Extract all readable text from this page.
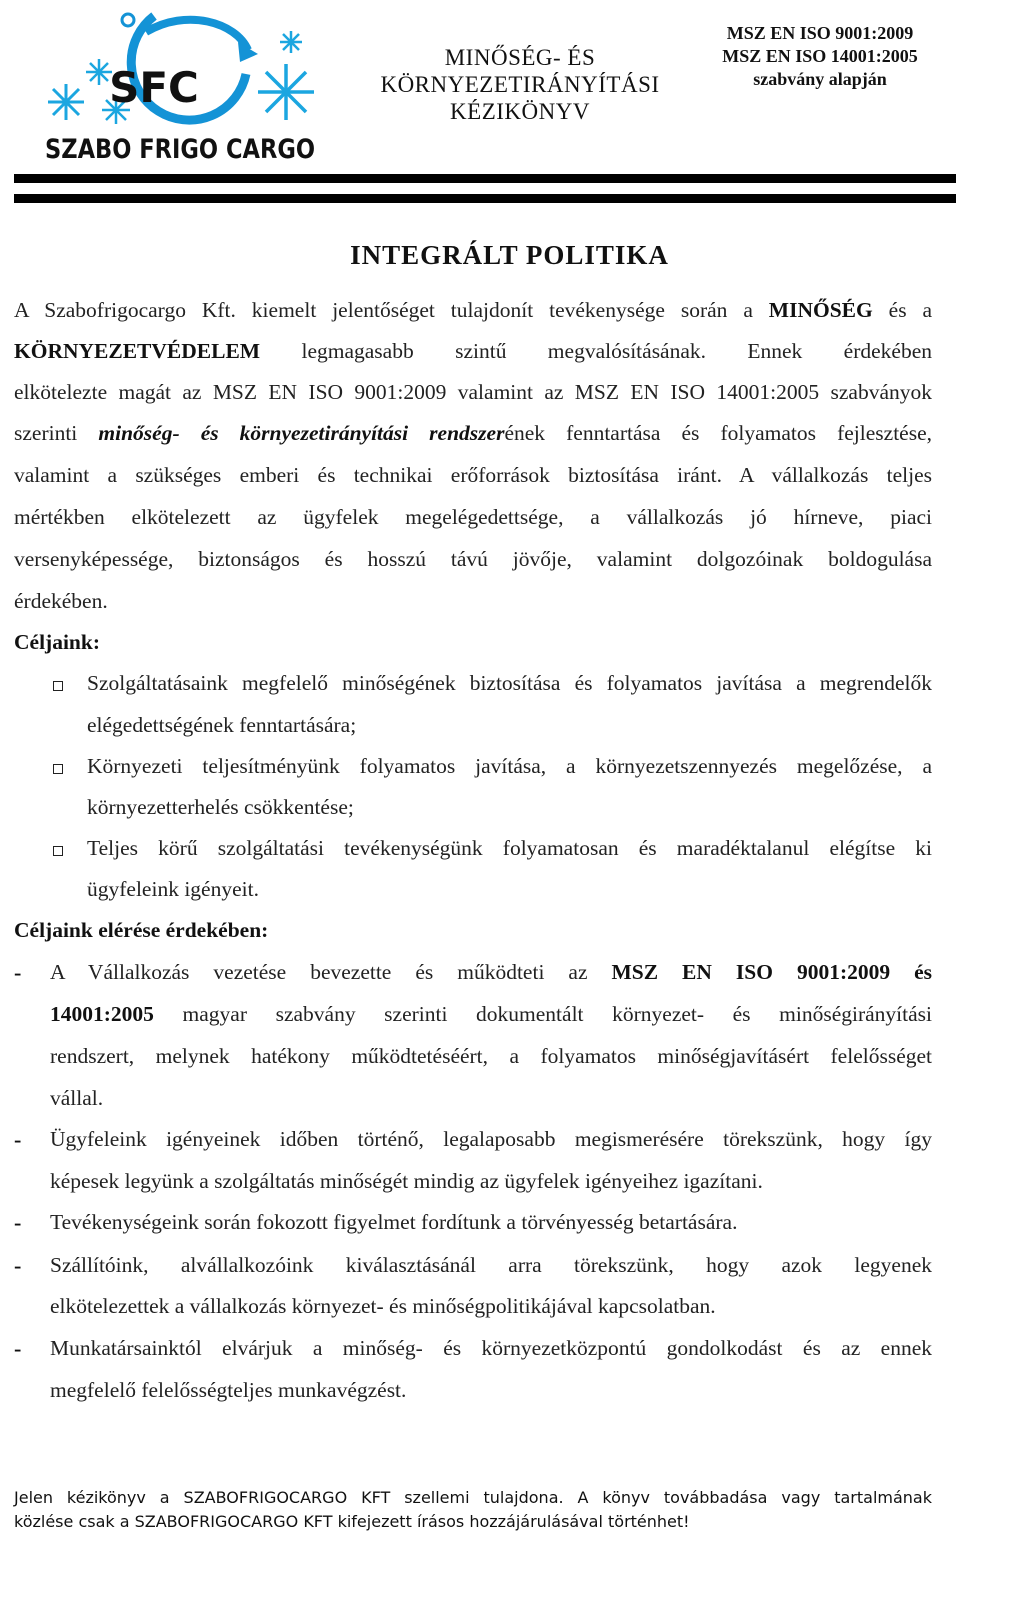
SFC
SZABO FRIGO CARGO
MINŐSÉG- ÉS
KÖRNYEZETIRÁNYÍTÁSI
KÉZIKÖNYV
MSZ EN ISO 9001:2009
MSZ EN ISO 14001:2005
szabvány alapján
INTEGRÁLT POLITIKA
A Szabofrigocargo Kft. kiemelt jelentőséget tulajdonít tevékenysége során a MINŐSÉG és a
KÖRNYEZETVÉDELEM legmagasabb szintű megvalósításának. Ennek érdekében
elkötelezte magát az MSZ EN ISO 9001:2009 valamint az MSZ EN ISO 14001:2005 szabványok
szerinti minőség- és környezetirányítási rendszerének fenntartása és folyamatos fejlesztése,
valamint a szükséges emberi és technikai erőforrások biztosítása iránt. A vállalkozás teljes
mértékben elkötelezett az ügyfelek megelégedettsége, a vállalkozás jó hírneve, piaci
versenyképessége, biztonságos és hosszú távú jövője, valamint dolgozóinak boldogulása
érdekében.
Céljaink:
Szolgáltatásaink megfelelő minőségének biztosítása és folyamatos javítása a megrendelők
elégedettségének fenntartására;
Környezeti teljesítményünk folyamatos javítása, a környezetszennyezés megelőzése, a
környezetterhelés csökkentése;
Teljes körű szolgáltatási tevékenységünk folyamatosan és maradéktalanul elégítse ki
ügyfeleink igényeit.
Céljaink elérése érdekében:
- A Vállalkozás vezetése bevezette és működteti az MSZ EN ISO 9001:2009 és
14001:2005 magyar szabvány szerinti dokumentált környezet- és minőségirányítási
rendszert, melynek hatékony működtetéséért, a folyamatos minőségjavításért felelősséget
vállal.
- Ügyfeleink igényeinek időben történő, legalaposabb megismerésére törekszünk, hogy így
képesek legyünk a szolgáltatás minőségét mindig az ügyfelek igényeihez igazítani.
- Tevékenységeink során fokozott figyelmet fordítunk a törvényesség betartására.
- Szállítóink, alvállalkozóink kiválasztásánál arra törekszünk, hogy azok legyenek
elkötelezettek a vállalkozás környezet- és minőségpolitikájával kapcsolatban.
- Munkatársainktól elvárjuk a minőség- és környezetközpontú gondolkodást és az ennek
megfelelő felelősségteljes munkavégzést.
Jelen kézikönyv a SZABOFRIGOCARGO KFT szellemi tulajdona. A könyv továbbadása vagy tartalmának
közlése csak a SZABOFRIGOCARGO KFT kifejezett írásos hozzájárulásával történhet!
